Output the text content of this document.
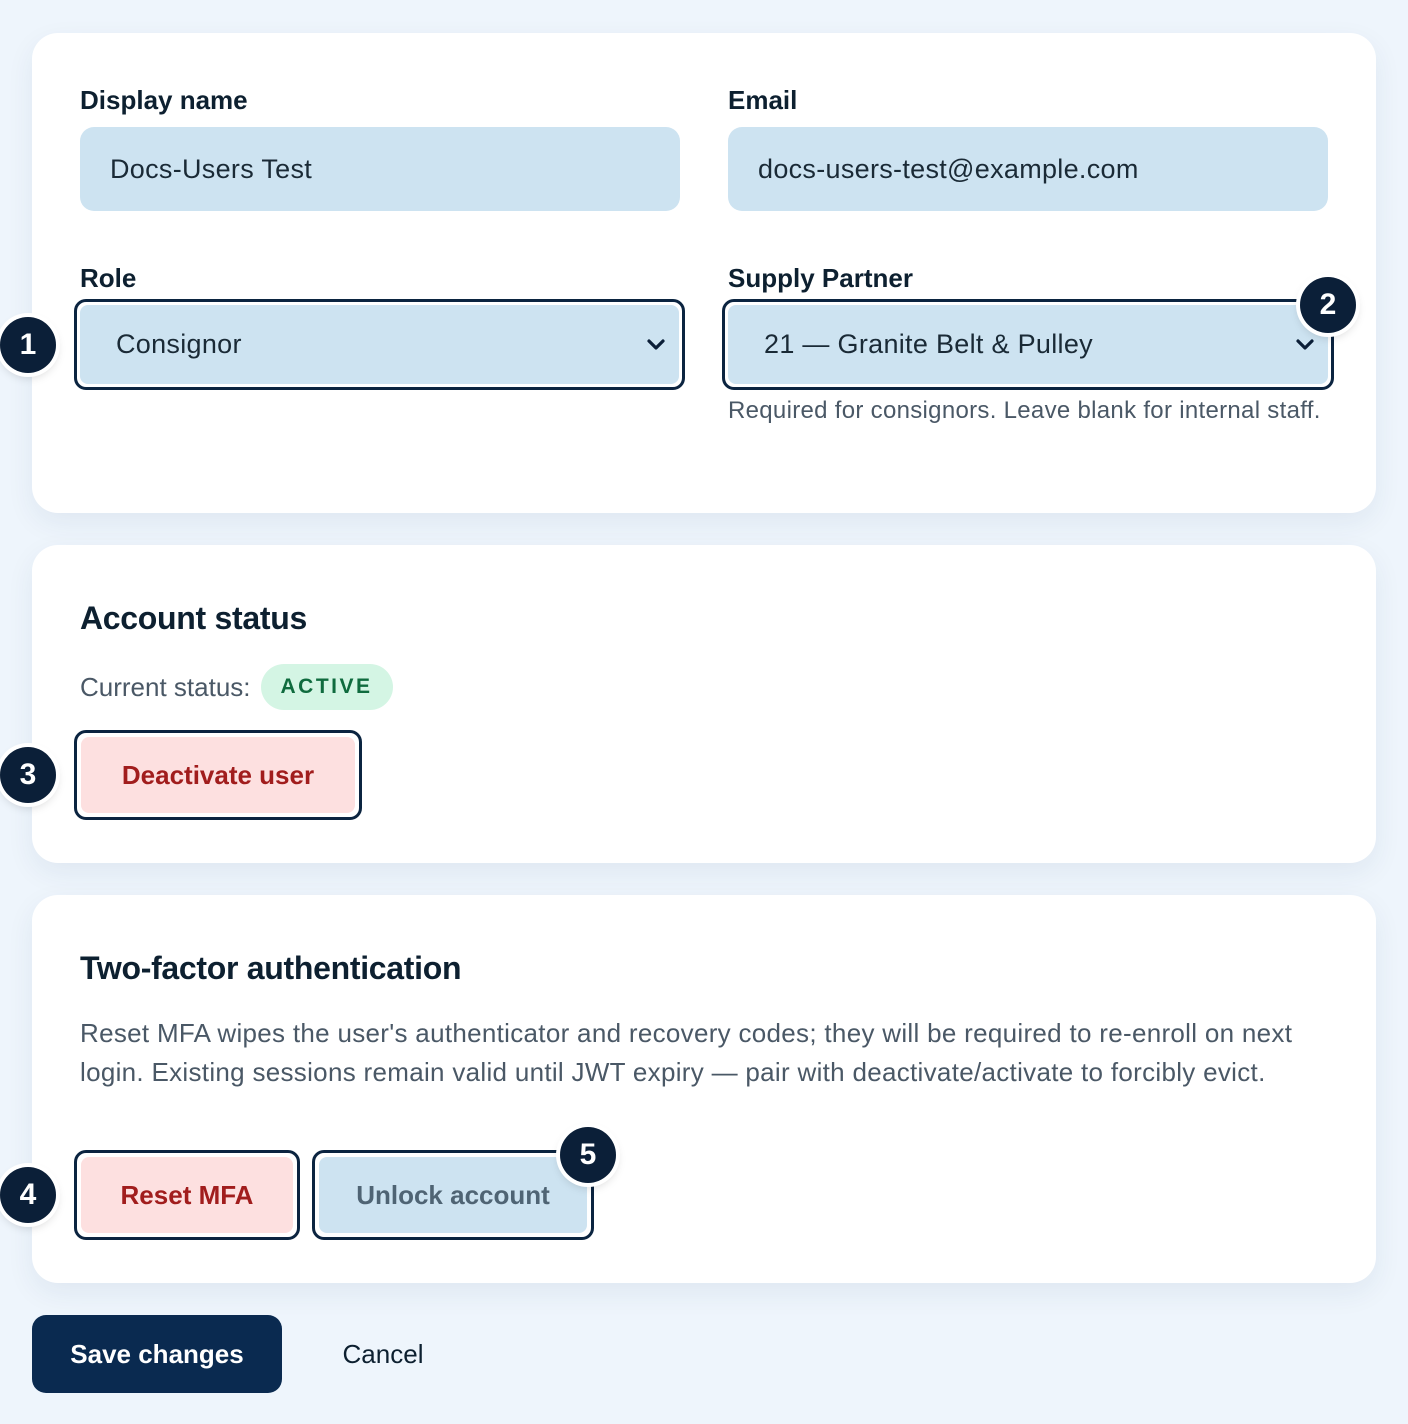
Display name
Docs-Users Test
Email
docs-users-test@example.com
Role
Consignor
Supply Partner
21 — Granite Belt & Pulley
Required for consignors. Leave blank for internal staff.
Account status
Current status:	ACTIVE
Deactivate user
Two-factor authentication
Reset MFA wipes the user's authenticator and recovery codes; they will be required to re-enroll on next login. Existing sessions remain valid until JWT expiry — pair with deactivate/activate to forcibly evict.
Reset MFA	Unlock account
Save changes	Cancel
1
2
3
4
5
